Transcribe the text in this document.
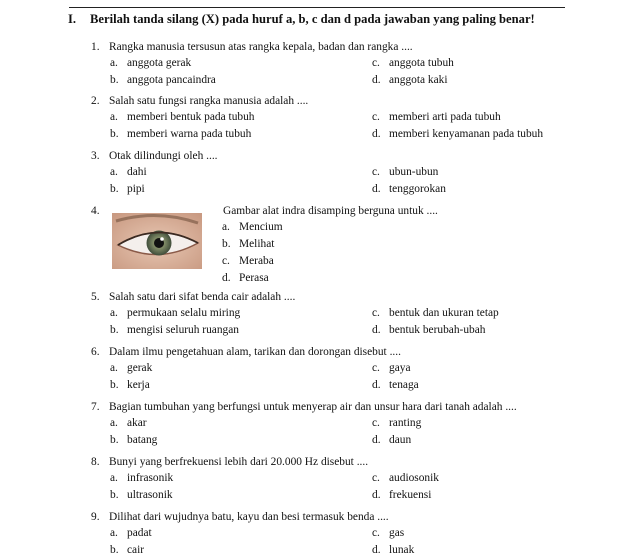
I. Berilah tanda silang (X) pada huruf a, b, c dan d pada jawaban yang paling benar!
1. Rangka manusia tersusun atas rangka kepala, badan dan rangka ....
a. anggota gerak
b. anggota pancaindra
c. anggota tubuh
d. anggota kaki
2. Salah satu fungsi rangka manusia adalah ....
a. memberi bentuk pada tubuh
b. memberi warna pada tubuh
c. memberi arti pada tubuh
d. memberi kenyamanan pada tubuh
3. Otak dilindungi oleh ....
a. dahi
b. pipi
c. ubun-ubun
d. tenggorokan
4.	Gambar alat indra disamping berguna untuk ....
a. Mencium
b. Melihat
c. Meraba
d. Perasa
5. Salah satu dari sifat benda cair adalah ....
a. permukaan selalu miring
b. mengisi seluruh ruangan
c. bentuk dan ukuran tetap
d. bentuk berubah-ubah
6. Dalam ilmu pengetahuan alam, tarikan dan dorongan disebut ....
a. gerak
b. kerja
c. gaya
d. tenaga
7. Bagian tumbuhan yang berfungsi untuk menyerap air dan unsur hara dari tanah adalah ....
a. akar
b. batang
c. ranting
d. daun
8. Bunyi yang berfrekuensi lebih dari 20.000 Hz disebut ....
a. infrasonik
b. ultrasonik
c. audiosonik
d. frekuensi
9. Dilihat dari wujudnya batu, kayu dan besi termasuk benda ....
a. padat
b. cair
c. gas
d. lunak
